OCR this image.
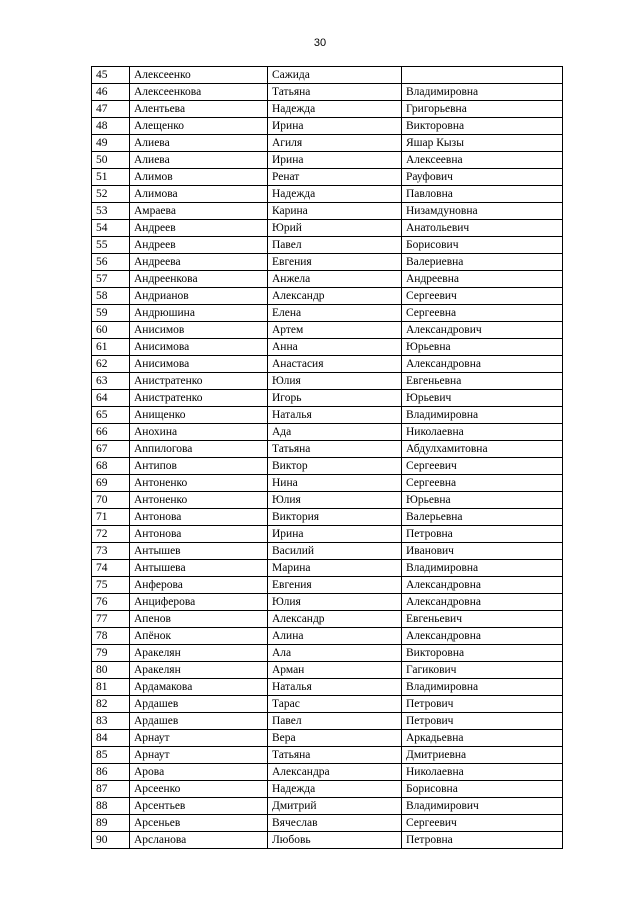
30
45	Алексеенко	Сажида	
46	Алексеенкова	Татьяна	Владимировна
47	Алентьева	Надежда	Григорьевна
48	Алещенко	Ирина	Викторовна
49	Алиева	Агиля	Яшар Кызы
50	Алиева	Ирина	Алексеевна
51	Алимов	Ренат	Рауфович
52	Алимова	Надежда	Павловна
53	Амраева	Карина	Низамдуновна
54	Андреев	Юрий	Анатольевич
55	Андреев	Павел	Борисович
56	Андреева	Евгения	Валериевна
57	Андреенкова	Анжела	Андреевна
58	Андрианов	Александр	Сергеевич
59	Андрюшина	Елена	Сергеевна
60	Анисимов	Артем	Александрович
61	Анисимова	Анна	Юрьевна
62	Анисимова	Анастасия	Александровна
63	Анистратенко	Юлия	Евгеньевна
64	Анистратенко	Игорь	Юрьевич
65	Анищенко	Наталья	Владимировна
66	Анохина	Ада	Николаевна
67	Anпилогова	Татьяна	Абдулхамитовна
68	Антипов	Виктор	Сергеевич
69	Антоненко	Нина	Сергеевна
70	Антоненко	Юлия	Юрьевна
71	Антонова	Виктория	Валерьевна
72	Антонова	Ирина	Петровна
73	Антышев	Василий	Иванович
74	Антышева	Марина	Владимировна
75	Анферова	Евгения	Александровна
76	Анциферова	Юлия	Александровна
77	Апенов	Александр	Евгеньевич
78	Апёнок	Алина	Александровна
79	Аракелян	Ала	Викторовна
80	Аракелян	Арман	Гагикович
81	Ардамакова	Наталья	Владимировна
82	Ардашев	Тарас	Петрович
83	Ардашев	Павел	Петрович
84	Арнаут	Вера	Аркадьевна
85	Арнаут	Татьяна	Дмитриевна
86	Арова	Александра	Николаевна
87	Арсеенко	Надежда	Борисовна
88	Арсентьев	Дмитрий	Владимирович
89	Арсеньев	Вячеслав	Сергеевич
90	Арсланова	Любовь	Петровна
